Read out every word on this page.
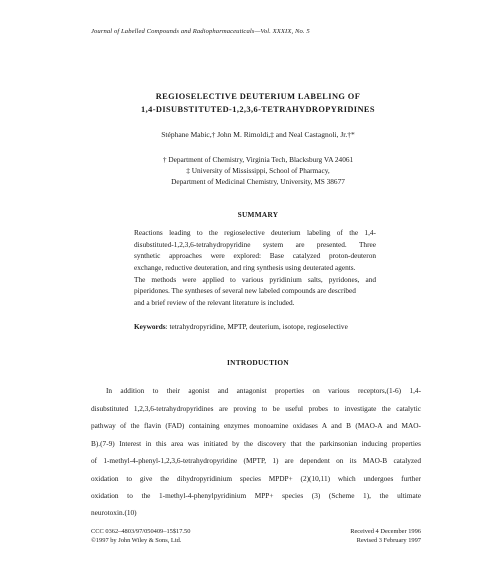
Journal of Labelled Compounds and Radiopharmaceuticals—Vol. XXXIX, No. 5
REGIOSELECTIVE DEUTERIUM LABELING OF
1,4-DISUBSTITUTED-1,2,3,6-TETRAHYDROPYRIDINES
Stéphane Mabic,† John M. Rimoldi,‡ and Neal Castagnoli, Jr.†*
† Department of Chemistry, Virginia Tech, Blacksburg VA 24061
‡ University of Mississippi, School of Pharmacy,
Department of Medicinal Chemistry, University, MS 38677
SUMMARY
Reactions leading to the regioselective deuterium labeling of the 1,4-
disubstituted-1,2,3,6-tetrahydropyridine system are presented. Three
synthetic approaches were explored: Base catalyzed proton-deuteron
exchange, reductive deuteration, and ring synthesis using deuterated agents.
The methods were applied to various pyridinium salts, pyridones, and
piperidones. The syntheses of several new labeled compounds are described
and a brief review of the relevant literature is included.
Keywords: tetrahydropyridine, MPTP, deuterium, isotope, regioselective
INTRODUCTION
In addition to their agonist and antagonist properties on various receptors,(1-6) 1,4-
disubstituted 1,2,3,6-tetrahydropyridines are proving to be useful probes to investigate the catalytic
pathway of the flavin (FAD) containing enzymes monoamine oxidases A and B (MAO-A and MAO-
B).(7-9) Interest in this area was initiated by the discovery that the parkinsonian inducing properties
of 1-methyl-4-phenyl-1,2,3,6-tetrahydropyridine (MPTP, 1) are dependent on its MAO-B catalyzed
oxidation to give the dihydropyridinium species MPDP+ (2)(10,11) which undergoes further
oxidation to the 1-methyl-4-phenylpyridinium MPP+ species (3) (Scheme 1), the ultimate
neurotoxin.(10)
CCC 0362–4803/97/050409–15$17.50
©1997 by John Wiley & Sons, Ltd.
Received 4 December 1996
Revised 3 February 1997
